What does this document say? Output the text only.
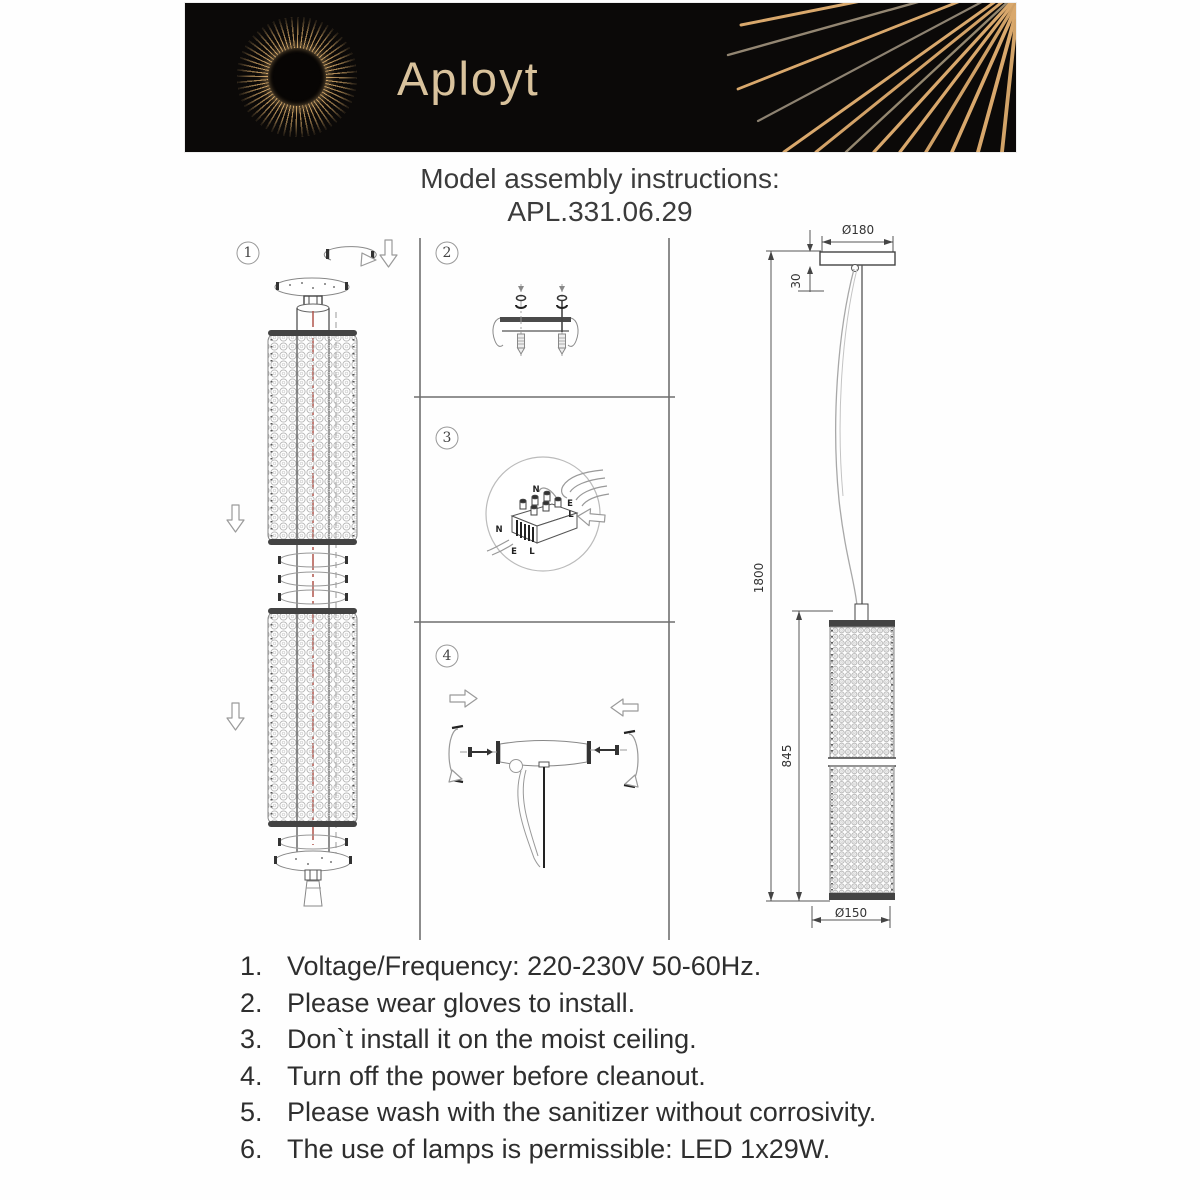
Aployt
Model assembly instructions:
APL.331.06.29
1	2
3
N
E
L
N
E L
4
Ø180
30
1800
845
Ø150
1. Voltage/Frequency: 220-230V 50-60Hz.
2. Please wear gloves to install.
3. Don`t install it on the moist ceiling.
4. Turn off the power before cleanout.
5. Please wash with the sanitizer without corrosivity.
6. The use of lamps is permissible: LED 1x29W.
